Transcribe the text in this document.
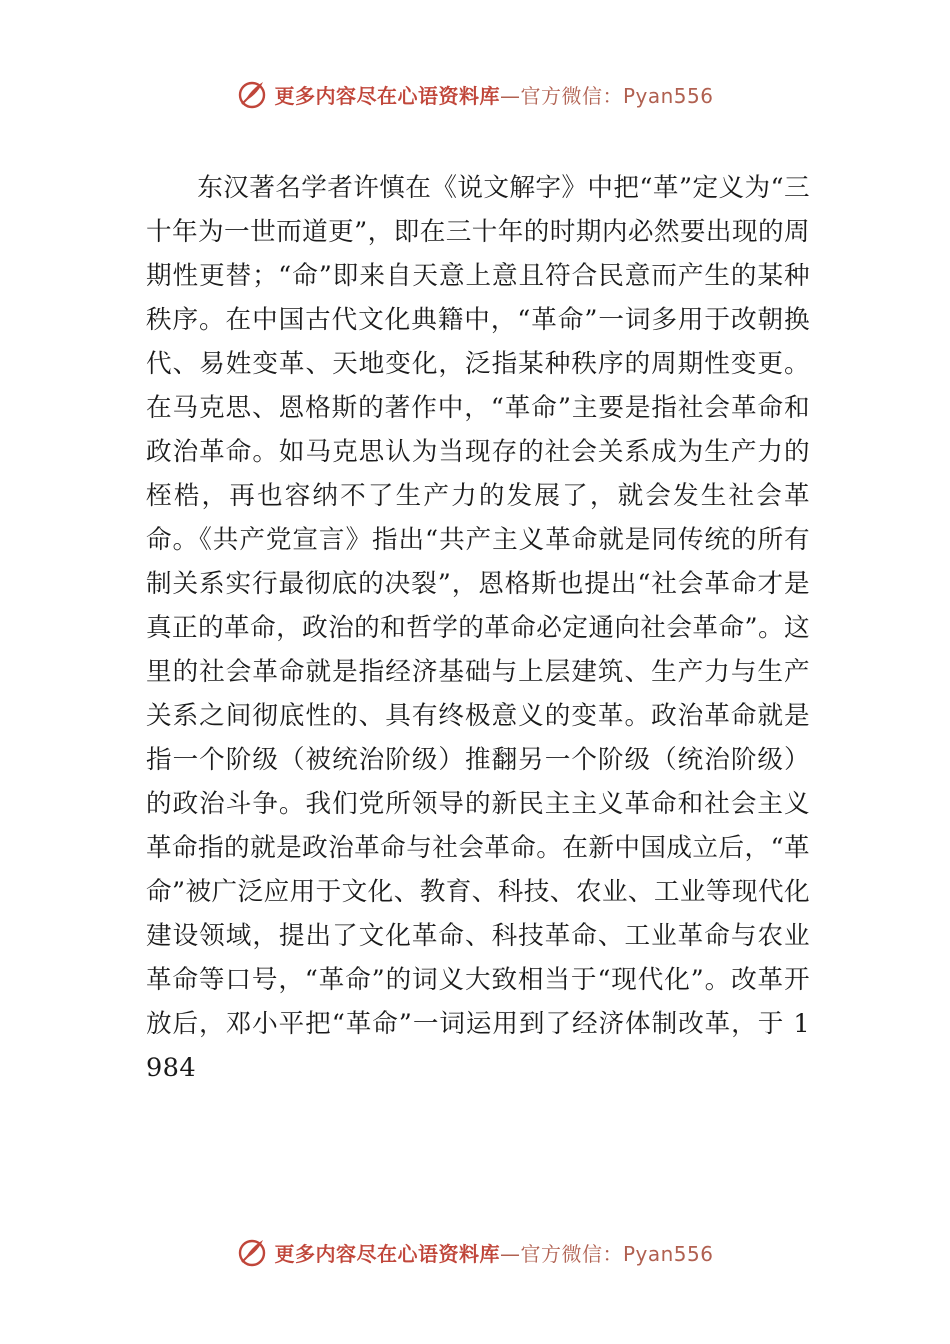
更多内容尽在心语资料库—官方微信：Pyan556

东汉著名学者许慎在《说文解字》中把“革”定义为“三十年为一世而道更”，即在三十年的时期内必然要出现的周期性更替；“命”即来自天意上意且符合民意而产生的某种秩序。在中国古代文化典籍中，“革命”一词多用于改朝换代、易姓变革、天地变化，泛指某种秩序的周期性变更。在马克思、恩格斯的著作中，“革命”主要是指社会革命和政治革命。如马克思认为当现存的社会关系成为生产力的桎梏，再也容纳不了生产力的发展了，就会发生社会革命。《共产党宣言》指出“共产主义革命就是同传统的所有制关系实行最彻底的决裂”，恩格斯也提出“社会革命才是真正的革命，政治的和哲学的革命必定通向社会革命”。这里的社会革命就是指经济基础与上层建筑、生产力与生产关系之间彻底性的、具有终极意义的变革。政治革命就是指一个阶级（被统治阶级）推翻另一个阶级（统治阶级）的政治斗争。我们党所领导的新民主主义革命和社会主义革命指的就是政治革命与社会革命。在新中国成立后，“革命”被广泛应用于文化、教育、科技、农业、工业等现代化建设领域，提出了文化革命、科技革命、工业革命与农业革命等口号，“革命”的词义大致相当于“现代化”。改革开放后，邓小平把“革命”一词运用到了经济体制改革，于 1984

更多内容尽在心语资料库—官方微信：Pyan556
